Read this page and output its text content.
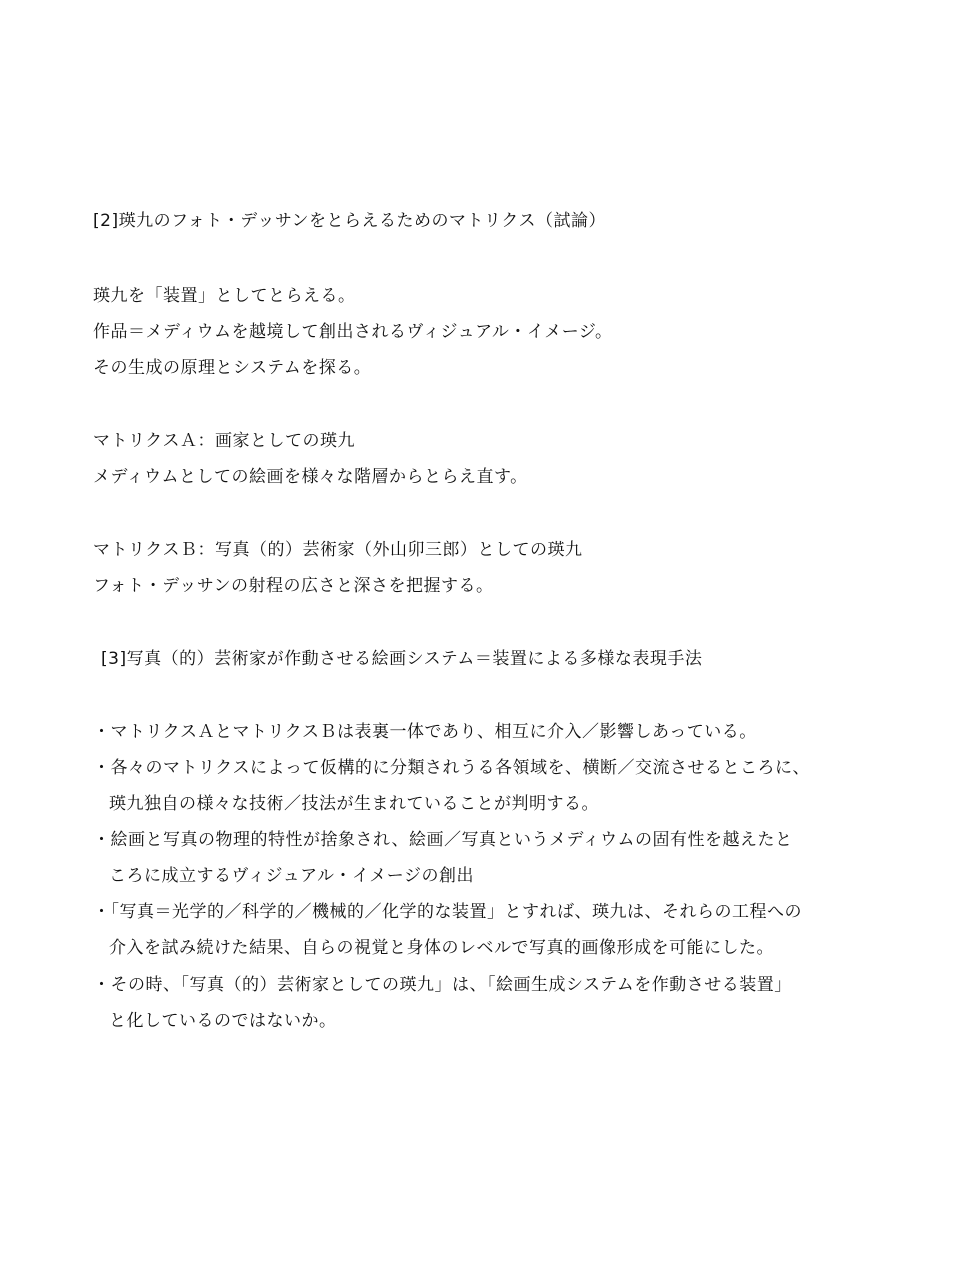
[2]瑛九のフォト・デッサンをとらえるためのマトリクス（試論）
瑛九を「装置」としてとらえる。
作品＝メディウムを越境して創出されるヴィジュアル・イメージ。
その生成の原理とシステムを探る。
マトリクスＡ：画家としての瑛九
メディウムとしての絵画を様々な階層からとらえ直す。
マトリクスＢ：写真（的）芸術家（外山卯三郎）としての瑛九
フォト・デッサンの射程の広さと深さを把握する。
[3]写真（的）芸術家が作動させる絵画システム＝装置による多様な表現手法
・マトリクスＡとマトリクスＢは表裏一体であり、相互に介入／影響しあっている。
・各々のマトリクスによって仮構的に分類されうる各領域を、横断／交流させるところに、
瑛九独自の様々な技術／技法が生まれていることが判明する。
・絵画と写真の物理的特性が捨象され、絵画／写真というメディウムの固有性を越えたと
ころに成立するヴィジュアル・イメージの創出
・「写真＝光学的／科学的／機械的／化学的な装置」とすれば、瑛九は、それらの工程への
介入を試み続けた結果、自らの視覚と身体のレベルで写真的画像形成を可能にした。
・その時、「写真（的）芸術家としての瑛九」は、「絵画生成システムを作動させる装置」
と化しているのではないか。
